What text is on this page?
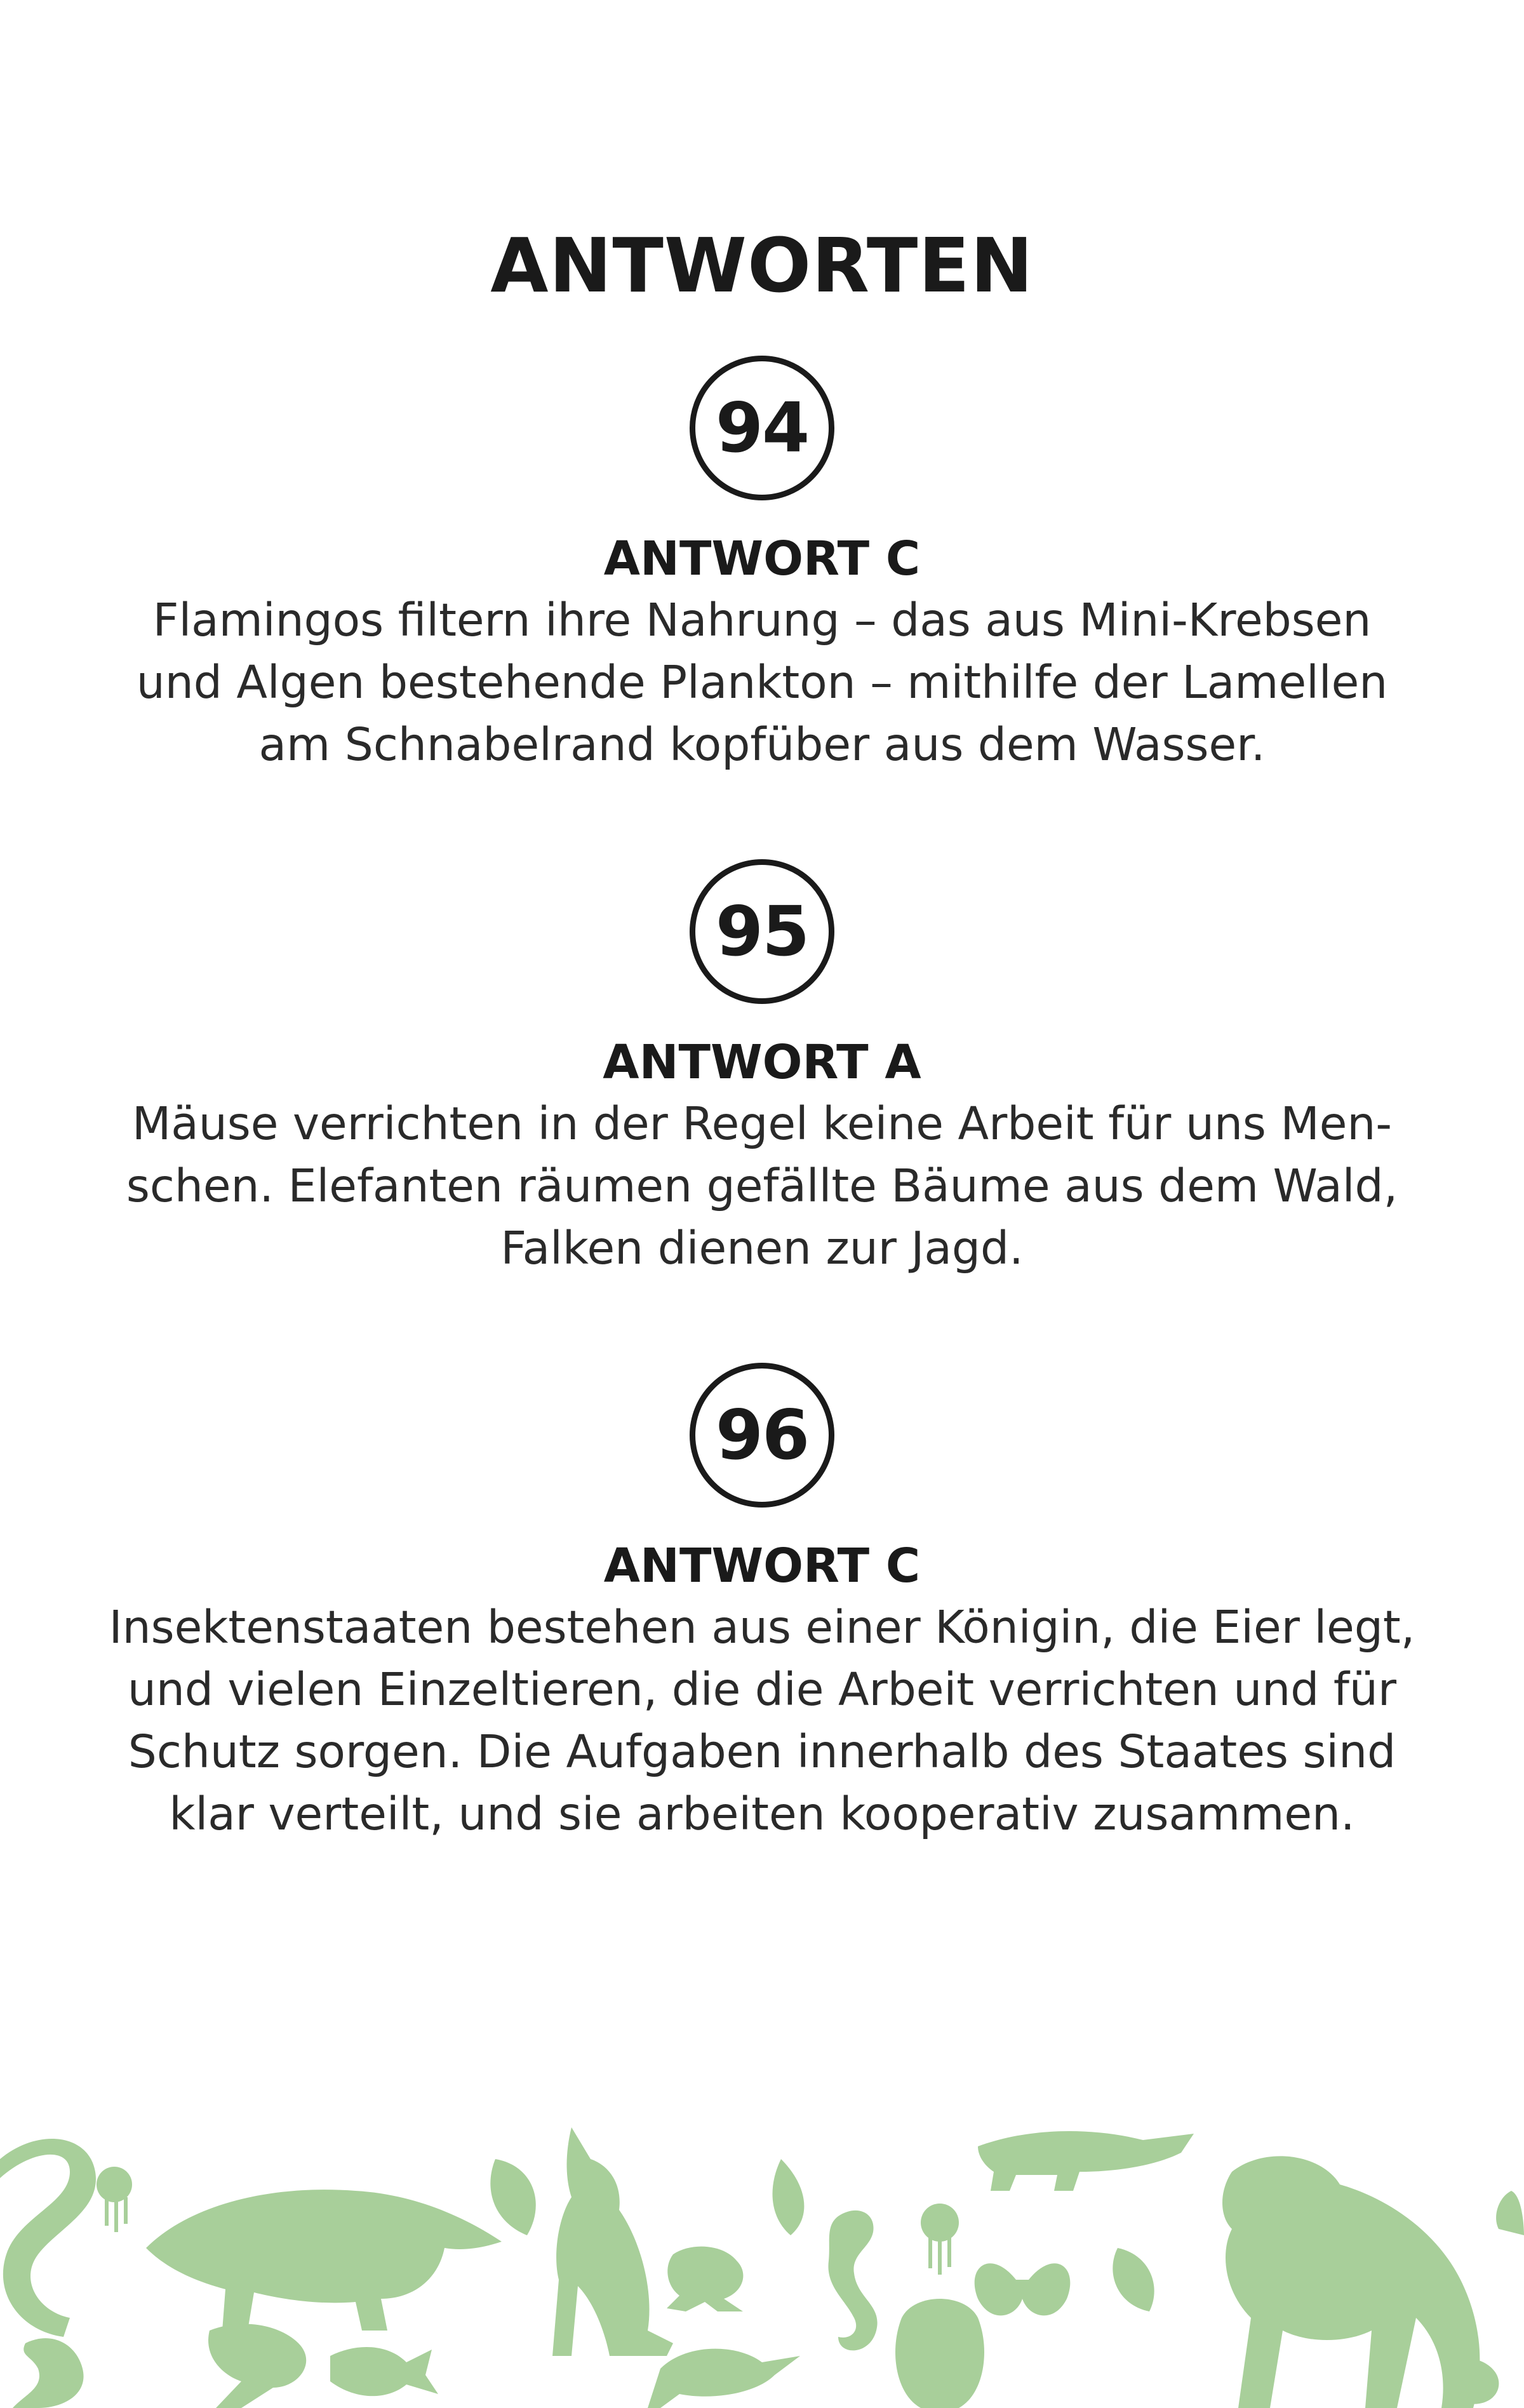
ANTWORTEN
94
ANTWORT C
Flamingos filtern ihre Nahrung – das aus Mini-Krebsen
und Algen bestehende Plankton – mithilfe der Lamellen
am Schnabelrand kopfüber aus dem Wasser.
95
ANTWORT A
Mäuse verrichten in der Regel keine Arbeit für uns Men-
schen. Elefanten räumen gefällte Bäume aus dem Wald,
Falken dienen zur Jagd.
96
ANTWORT C
Insektenstaaten bestehen aus einer Königin, die Eier legt,
und vielen Einzeltieren, die die Arbeit verrichten und für
Schutz sorgen. Die Aufgaben innerhalb des Staates sind
klar verteilt, und sie arbeiten kooperativ zusammen.
